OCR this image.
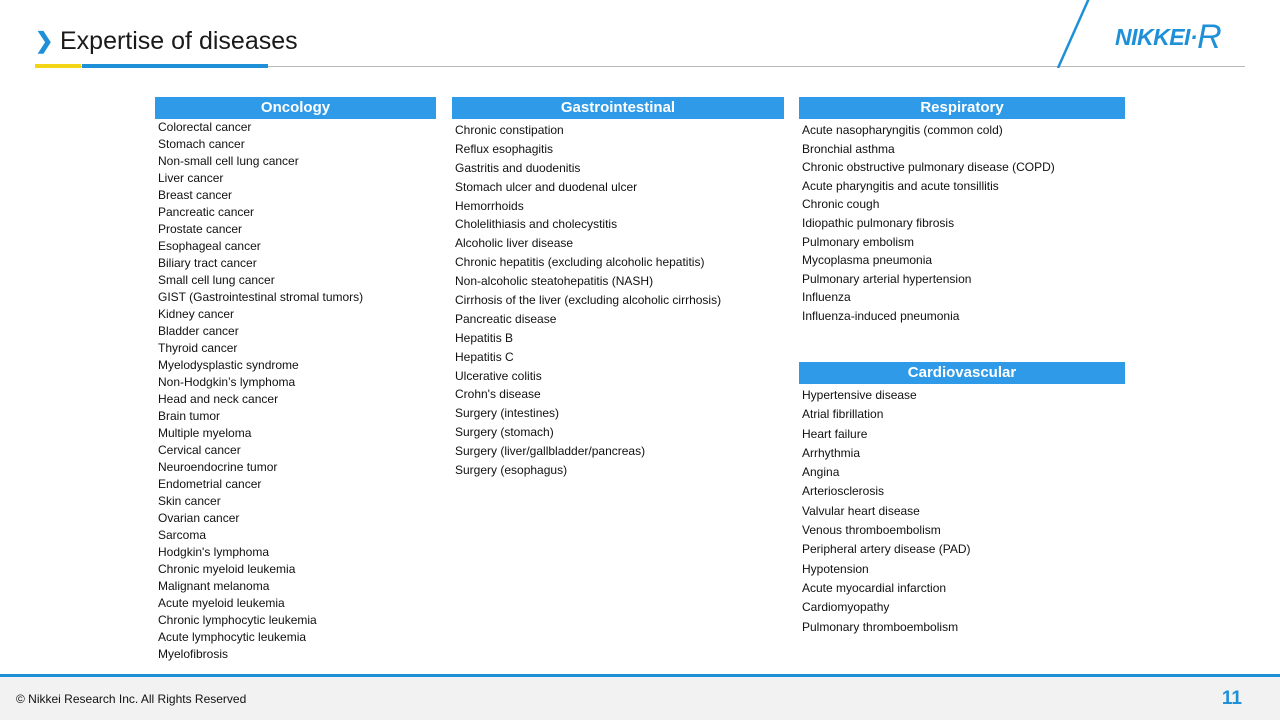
❯ Expertise of diseases	NIKKEI·R
Oncology
Colorectal cancer
Stomach cancer
Non-small cell lung cancer
Liver cancer
Breast cancer
Pancreatic cancer
Prostate cancer
Esophageal cancer
Biliary tract cancer
Small cell lung cancer
GIST (Gastrointestinal stromal tumors)
Kidney cancer
Bladder cancer
Thyroid cancer
Myelodysplastic syndrome
Non-Hodgkin’s lymphoma
Head and neck cancer
Brain tumor
Multiple myeloma
Cervical cancer
Neuroendocrine tumor
Endometrial cancer
Skin cancer
Ovarian cancer
Sarcoma
Hodgkin's lymphoma
Chronic myeloid leukemia
Malignant melanoma
Acute myeloid leukemia
Chronic lymphocytic leukemia
Acute lymphocytic leukemia
Myelofibrosis
Gastrointestinal
Chronic constipation
Reflux esophagitis
Gastritis and duodenitis
Stomach ulcer and duodenal ulcer
Hemorrhoids
Cholelithiasis and cholecystitis
Alcoholic liver disease
Chronic hepatitis (excluding alcoholic hepatitis)
Non-alcoholic steatohepatitis (NASH)
Cirrhosis of the liver (excluding alcoholic cirrhosis)
Pancreatic disease
Hepatitis B
Hepatitis C
Ulcerative colitis
Crohn's disease
Surgery (intestines)
Surgery (stomach)
Surgery (liver/gallbladder/pancreas)
Surgery (esophagus)
Respiratory
Acute nasopharyngitis (common cold)
Bronchial asthma
Chronic obstructive pulmonary disease (COPD)
Acute pharyngitis and acute tonsillitis
Chronic cough
Idiopathic pulmonary fibrosis
Pulmonary embolism
Mycoplasma pneumonia
Pulmonary arterial hypertension
Influenza
Influenza-induced pneumonia
Cardiovascular
Hypertensive disease
Atrial fibrillation
Heart failure
Arrhythmia
Angina
Arteriosclerosis
Valvular heart disease
Venous thromboembolism
Peripheral artery disease (PAD)
Hypotension
Acute myocardial infarction
Cardiomyopathy
Pulmonary thromboembolism
© Nikkei Research Inc. All Rights Reserved	11
